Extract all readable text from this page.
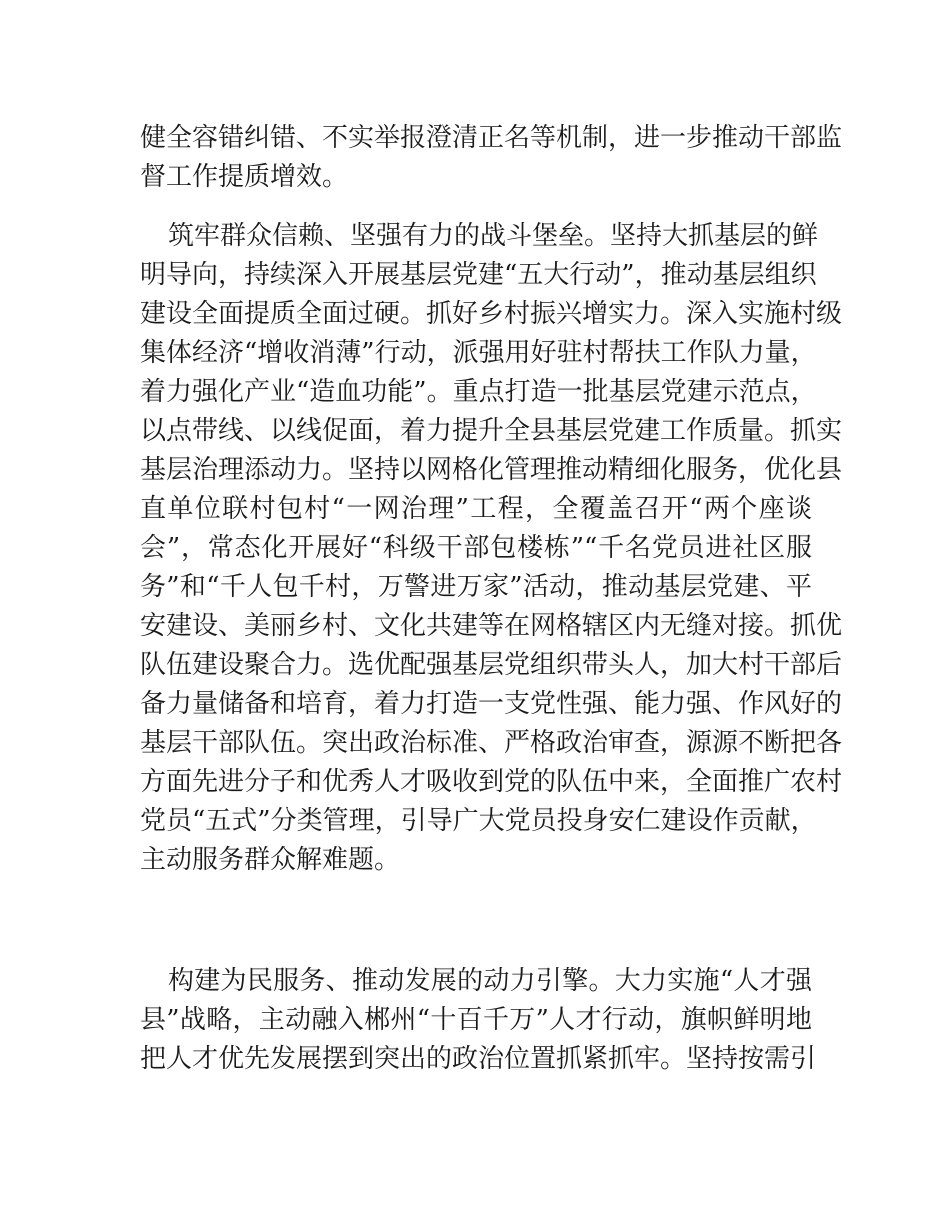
健全容错纠错、不实举报澄清正名等机制，进一步推动干部监
督工作提质增效。
筑牢群众信赖、坚强有力的战斗堡垒。坚持大抓基层的鲜
明导向，持续深入开展基层党建“五大行动”，推动基层组织
建设全面提质全面过硬。抓好乡村振兴增实力。深入实施村级
集体经济“增收消薄”行动，派强用好驻村帮扶工作队力量，
着力强化产业“造血功能”。重点打造一批基层党建示范点，
以点带线、以线促面，着力提升全县基层党建工作质量。抓实
基层治理添动力。坚持以网格化管理推动精细化服务，优化县
直单位联村包村“一网治理”工程，全覆盖召开“两个座谈
会”，常态化开展好“科级干部包楼栋”“千名党员进社区服
务”和“千人包千村，万警进万家”活动，推动基层党建、平
安建设、美丽乡村、文化共建等在网格辖区内无缝对接。抓优
队伍建设聚合力。选优配强基层党组织带头人，加大村干部后
备力量储备和培育，着力打造一支党性强、能力强、作风好的
基层干部队伍。突出政治标准、严格政治审查，源源不断把各
方面先进分子和优秀人才吸收到党的队伍中来，全面推广农村
党员“五式”分类管理，引导广大党员投身安仁建设作贡献，
主动服务群众解难题。
构建为民服务、推动发展的动力引擎。大力实施“人才强
县”战略，主动融入郴州“十百千万”人才行动，旗帜鲜明地
把人才优先发展摆到突出的政治位置抓紧抓牢。坚持按需引
